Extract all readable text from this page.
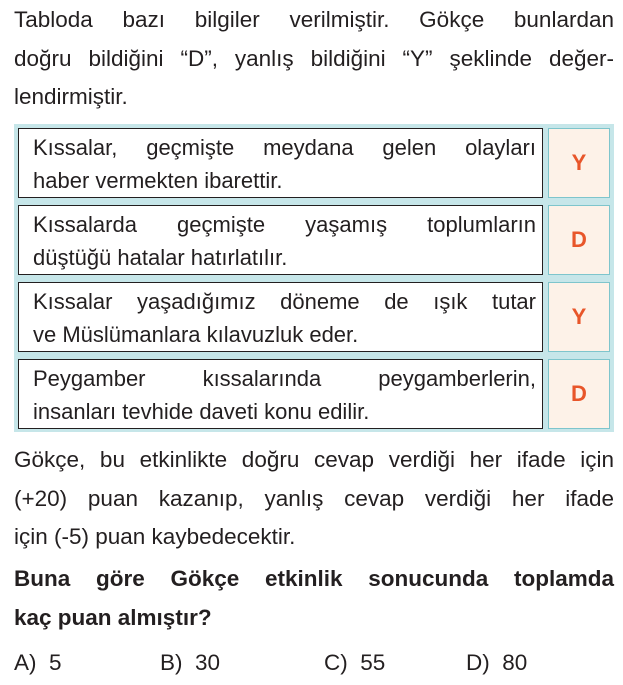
Tabloda bazı bilgiler verilmiştir. Gökçe bunlardan
doğru bildiğini “D”, yanlış bildiğini “Y” şeklinde değer-
lendirmiştir.
Kıssalar, geçmişte meydana gelen olayları
haber vermekten ibarettir.
Y
Kıssalarda geçmişte yaşamış toplumların
düştüğü hatalar hatırlatılır.
D
Kıssalar yaşadığımız döneme de ışık tutar
ve Müslümanlara kılavuzluk eder.
Y
Peygamber kıssalarında peygamberlerin,
insanları tevhide daveti konu edilir.
D
Gökçe, bu etkinlikte doğru cevap verdiği her ifade için
(+20) puan kazanıp, yanlış cevap verdiği her ifade
için (-5) puan kaybedecektir.
Buna göre Gökçe etkinlik sonucunda toplamda
kaç puan almıştır?
A) 5	B) 30	C) 55	D) 80
